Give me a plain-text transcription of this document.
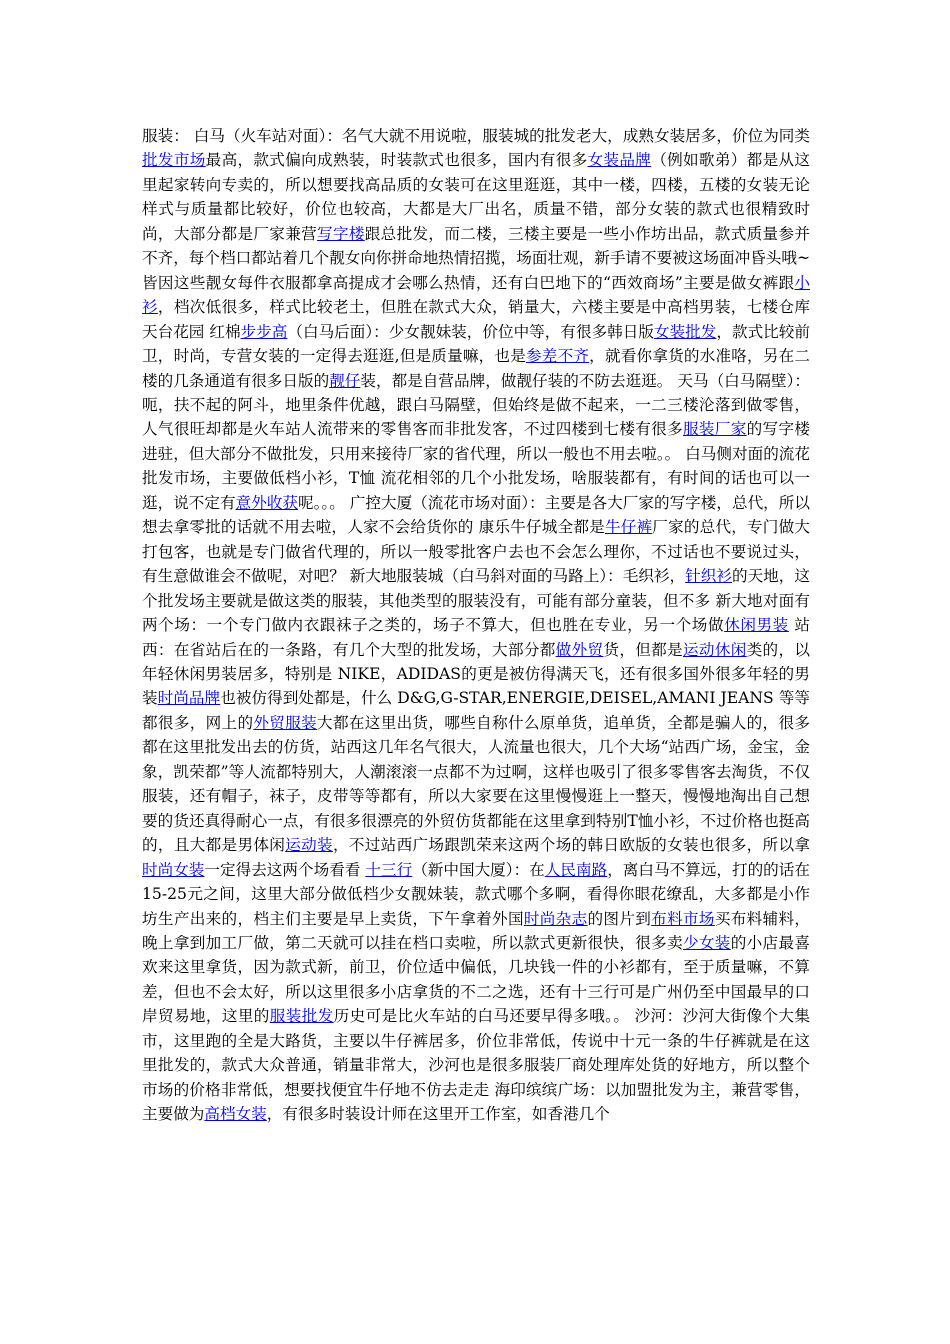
服装： 白马（火车站对面）：名气大就不用说啦，服装城的批发老大，成熟女装居多，价位为同类批发市场最高，款式偏向成熟装，时装款式也很多，国内有很多女装品牌（例如歌弟）都是从这里起家转向专卖的，所以想要找高品质的女装可在这里逛逛，其中一楼，四楼，五楼的女装无论样式与质量都比较好，价位也较高，大都是大厂出名，质量不错，部分女装的款式也很精致时尚，大部分都是厂家兼营写字楼跟总批发，而二楼，三楼主要是一些小作坊出品，款式质量参并不齐，每个档口都站着几个靓女向你拼命地热情招揽，场面壮观，新手请不要被这场面冲昏头哦~皆因这些靓女每件衣服都拿高提成才会哪么热情，还有白巴地下的“西效商场”主要是做女裤跟小衫，档次低很多，样式比较老土，但胜在款式大众，销量大，六楼主要是中高档男装，七楼仓库天台花园 红棉步步高（白马后面）：少女靓妹装，价位中等，有很多韩日版女装批发，款式比较前卫，时尚，专营女装的一定得去逛逛,但是质量嘛，也是参差不齐，就看你拿货的水准咯，另在二楼的几条通道有很多日版的靓仔装，都是自营品牌，做靓仔装的不防去逛逛。 天马（白马隔壁）：呃，扶不起的阿斗，地里条件优越，跟白马隔壁，但始终是做不起来，一二三楼沦落到做零售，人气很旺却都是火车站人流带来的零售客而非批发客，不过四楼到七楼有很多服装厂家的写字楼进驻，但大部分不做批发，只用来接待厂家的省代理，所以一般也不用去啦。。 白马侧对面的流花批发市场，主要做低档小衫，T恤 流花相邻的几个小批发场，啥服装都有，有时间的话也可以一逛，说不定有意外收获呢。。。 广控大厦（流花市场对面）：主要是各大厂家的写字楼，总代，所以想去拿零批的话就不用去啦，人家不会给货你的 康乐牛仔城全都是牛仔裤厂家的总代，专门做大打包客，也就是专门做省代理的，所以一般零批客户去也不会怎么理你，不过话也不要说过头，有生意做谁会不做呢，对吧？ 新大地服装城（白马斜对面的马路上）：毛织衫，针织衫的天地，这个批发场主要就是做这类的服装，其他类型的服装没有，可能有部分童装，但不多 新大地对面有两个场：一个专门做内衣跟袜子之类的，场子不算大，但也胜在专业，另一个场做休闲男装 站西：在省站后在的一条路，有几个大型的批发场，大部分都做外贸货，但都是运动休闲类的，以年轻休闲男装居多，特别是 NIKE，ADIDAS的更是被仿得满天飞，还有很多国外很多年轻的男装时尚品牌也被仿得到处都是，什么 D&G,G-STAR,ENERGIE,DEISEL,AMANI JEANS 等等都很多，网上的外贸服装大都在这里出货，哪些自称什么原单货，追单货，全都是骗人的，很多都在这里批发出去的仿货，站西这几年名气很大，人流量也很大，几个大场“站西广场，金宝，金象，凯荣都”等人流都特别大，人潮滚滚一点都不为过啊，这样也吸引了很多零售客去淘货，不仅服装，还有帽子，袜子，皮带等等都有，所以大家要在这里慢慢逛上一整天，慢慢地淘出自己想要的货还真得耐心一点，有很多很漂亮的外贸仿货都能在这里拿到特别T恤小衫，不过价格也挺高的，且大都是男体闲运动装，不过站西广场跟凯荣来这两个场的韩日欧版的女装也很多，所以拿时尚女装一定得去这两个场看看 十三行（新中国大厦）：在人民南路，离白马不算远，打的的话在 15-25元之间，这里大部分做低档少女靓妹装，款式哪个多啊，看得你眼花缭乱，大多都是小作坊生产出来的，档主们主要是早上卖货，下午拿着外国时尚杂志的图片到布料市场买布料辅料，晚上拿到加工厂做，第二天就可以挂在档口卖啦，所以款式更新很快，很多卖少女装的小店最喜欢来这里拿货，因为款式新，前卫，价位适中偏低，几块钱一件的小衫都有，至于质量嘛，不算差，但也不会太好，所以这里很多小店拿货的不二之选，还有十三行可是广州仍至中国最早的口岸贸易地，这里的服装批发历史可是比火车站的白马还要早得多哦。。 沙河：沙河大街像个大集市，这里跑的全是大路货，主要以牛仔裤居多，价位非常低，传说中十元一条的牛仔裤就是在这里批发的，款式大众普通，销量非常大，沙河也是很多服装厂商处理库处货的好地方，所以整个市场的价格非常低，想要找便宜牛仔地不仿去走走 海印缤缤广场：以加盟批发为主，兼营零售，主要做为高档女装，有很多时装设计师在这里开工作室，如香港几个
